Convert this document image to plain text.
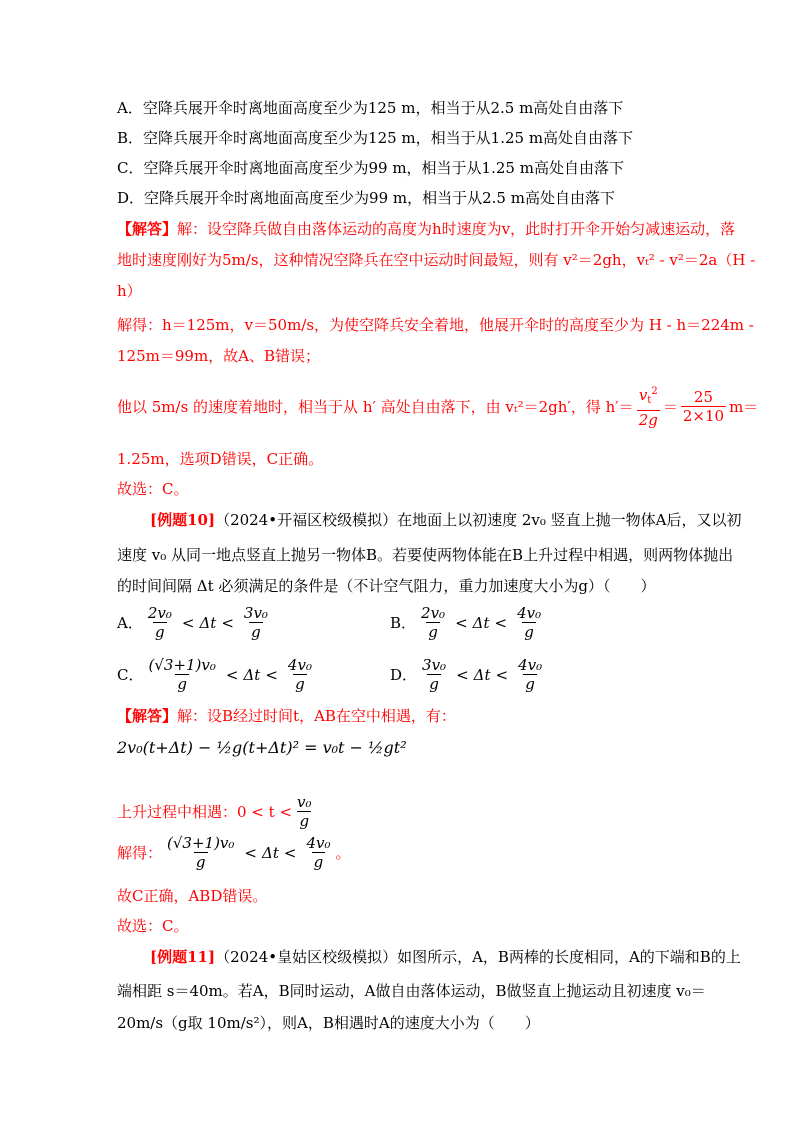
A．空降兵展开伞时离地面高度至少为125 m，相当于从2.5 m高处自由落下
B．空降兵展开伞时离地面高度至少为125 m，相当于从1.25 m高处自由落下
C．空降兵展开伞时离地面高度至少为99 m，相当于从1.25 m高处自由落下
D．空降兵展开伞时离地面高度至少为99 m，相当于从2.5 m高处自由落下
【解答】解：设空降兵做自由落体运动的高度为h时速度为v，此时打开伞开始匀减速运动，落
地时速度刚好为5m/s，这种情况空降兵在空中运动时间最短，则有 v²＝2gh，vₜ² - v²＝2a（H -
h）
解得：h＝125m，v＝50m/s，为使空降兵安全着地，他展开伞时的高度至少为 H - h＝224m -
125m＝99m，故A、B错误；
他以 5m/s 的速度着地时，相当于从 h′ 高处自由落下，由 vₜ²＝2gh′，得 $h' = \frac{v_t^2}{2g} = \frac{25}{2\times 10} m=$
1.25m，选项D错误，C正确。
故选：C。
[例题10]（2024•开福区校级模拟）在地面上以初速度 2v₀ 竖直上抛一物体A后，又以初
速度 v₀ 从同一地点竖直上抛另一物体B。若要使两物体能在B上升过程中相遇，则两物体抛出
的时间间隔 Δt 必须满足的条件是（不计空气阻力，重力加速度大小为g）（　　）
A． $\frac{\text{2v₀}}{g} < \Delta t < \frac{\text{3v₀}}{g}$	B． $\frac{\text{2v₀}}{g} < \Delta t < \frac{\text{4v₀}}{g}$
C． $\frac{\text{(√3+1)v₀}}{g} < \Delta t < \frac{\text{4v₀}}{g}$	D． $\frac{\text{3v₀}}{g} < \Delta t < \frac{\text{4v₀}}{g}$
【解答】解：设B经过时间t，AB在空中相遇，有：
2v₀(t+Δt) − ½g(t+Δt)² = v₀t − ½gt²
上升过程中相遇：$0 < t < \frac{\text{v₀}}{g}$
解得： $\frac{\text{(√3+1)v₀}}{g} < \Delta t < \frac{\text{4v₀}}{g}$ 。
故C正确，ABD错误。
故选：C。
[例题11]（2024•皇姑区校级模拟）如图所示，A，B两棒的长度相同，A的下端和B的上
端相距 s＝40m。若A，B同时运动，A做自由落体运动，B做竖直上抛运动且初速度 v₀＝
20m/s（g取 10m/s²），则A，B相遇时A的速度大小为（　　）
